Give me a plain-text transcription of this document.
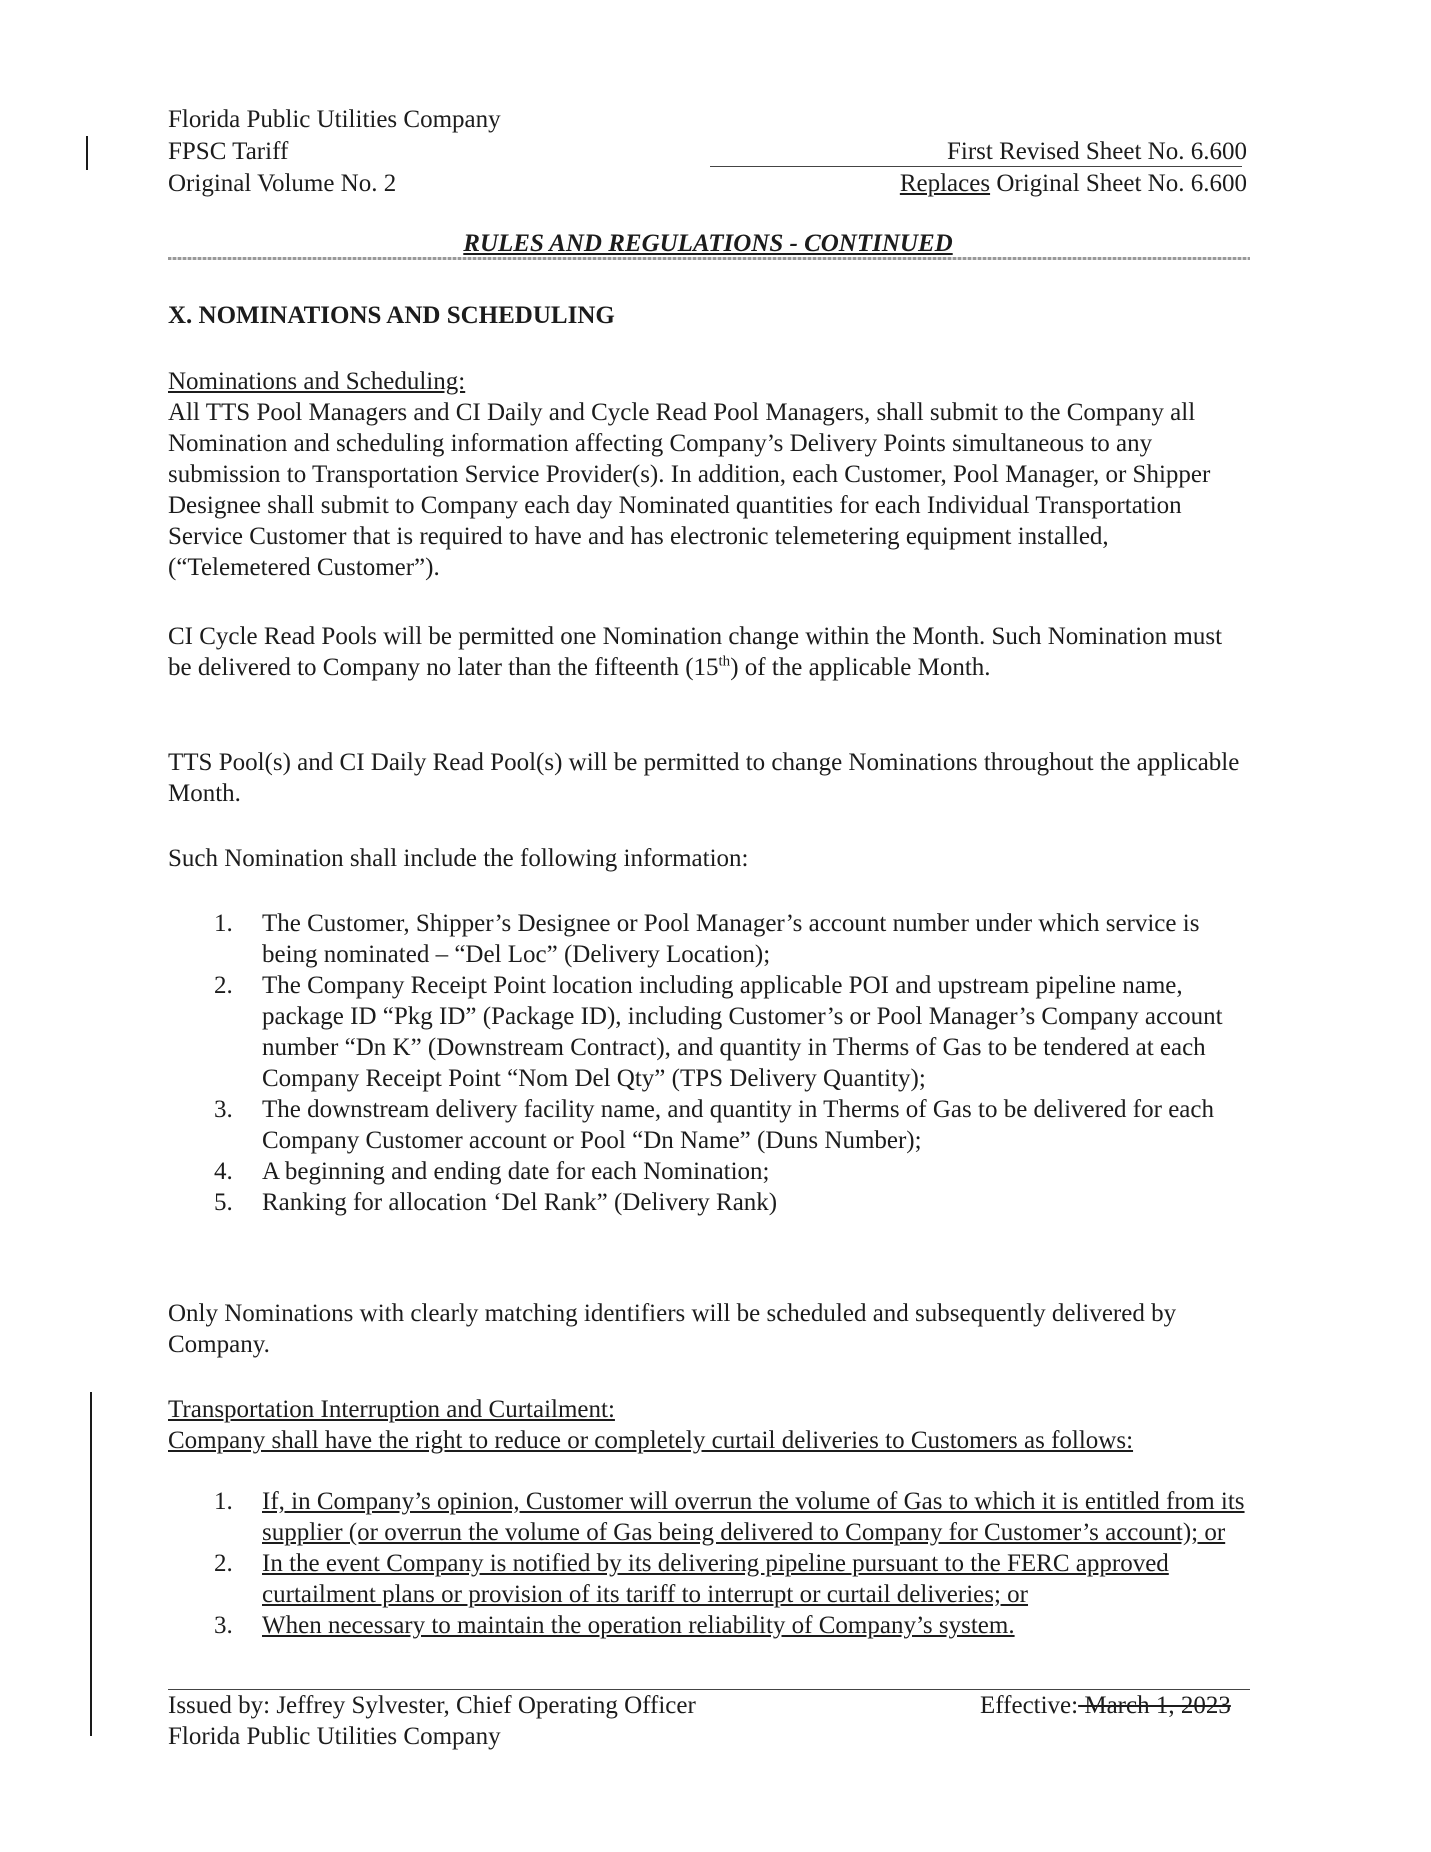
Florida Public Utilities Company
FPSC Tariff
Original Volume No. 2
First Revised Sheet No. 6.600
Replaces Original Sheet No. 6.600
RULES AND REGULATIONS - CONTINUED
X. NOMINATIONS AND SCHEDULING
Nominations and Scheduling:
All TTS Pool Managers and CI Daily and Cycle Read Pool Managers, shall submit to the Company all Nomination and scheduling information affecting Company’s Delivery Points simultaneous to any submission to Transportation Service Provider(s). In addition, each Customer, Pool Manager, or Shipper Designee shall submit to Company each day Nominated quantities for each Individual Transportation Service Customer that is required to have and has electronic telemetering equipment installed, (“Telemetered Customer”).
CI Cycle Read Pools will be permitted one Nomination change within the Month. Such Nomination must be delivered to Company no later than the fifteenth (15th) of the applicable Month.
TTS Pool(s) and CI Daily Read Pool(s) will be permitted to change Nominations throughout the applicable Month.
Such Nomination shall include the following information:
1. The Customer, Shipper’s Designee or Pool Manager’s account number under which service is being nominated – “Del Loc” (Delivery Location);
2. The Company Receipt Point location including applicable POI and upstream pipeline name, package ID “Pkg ID” (Package ID), including Customer’s or Pool Manager’s Company account number “Dn K” (Downstream Contract), and quantity in Therms of Gas to be tendered at each Company Receipt Point “Nom Del Qty” (TPS Delivery Quantity);
3. The downstream delivery facility name, and quantity in Therms of Gas to be delivered for each Company Customer account or Pool “Dn Name” (Duns Number);
4. A beginning and ending date for each Nomination;
5. Ranking for allocation ‘Del Rank” (Delivery Rank)
Only Nominations with clearly matching identifiers will be scheduled and subsequently delivered by Company.
Transportation Interruption and Curtailment:
Company shall have the right to reduce or completely curtail deliveries to Customers as follows:
1. If, in Company’s opinion, Customer will overrun the volume of Gas to which it is entitled from its supplier (or overrun the volume of Gas being delivered to Company for Customer’s account); or
2. In the event Company is notified by its delivering pipeline pursuant to the FERC approved curtailment plans or provision of its tariff to interrupt or curtail deliveries; or
3. When necessary to maintain the operation reliability of Company’s system.
Issued by: Jeffrey Sylvester, Chief Operating Officer
Florida Public Utilities Company
Effective: March 1, 2023
